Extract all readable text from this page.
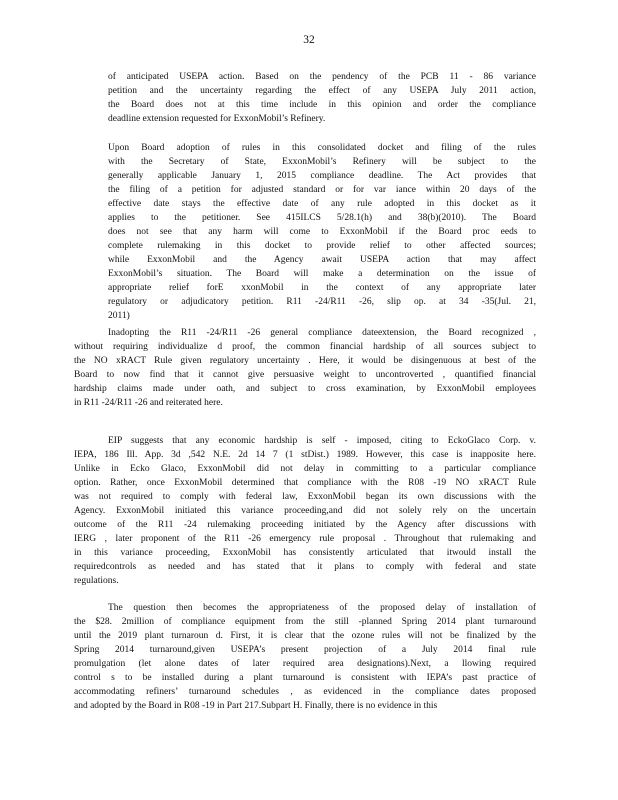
32
of anticipated USEPA action. Based on the pendency of the PCB 11 - 86 variance
petition and the uncertainty regarding the effect of any USEPA July 2011 action,
the Board does not at this time include in this opinion and order the compliance
deadline extension requested for ExxonMobil’s Refinery.
Upon Board adoption of rules in this consolidated docket and filing of the rules
with the Secretary of State, ExxonMobil’s Refinery will be subject to the
generally applicable January 1, 2015 compliance deadline. The Act provides that
the filing of a petition for adjusted standard or for var iance within 20 days of the
effective date stays the effective date of any rule adopted in this docket as it
applies to the petitioner. See 415ILCS 5/28.1(h) and 38(b)(2010). The Board
does not see that any harm will come to ExxonMobil if the Board proc eeds to
complete rulemaking in this docket to provide relief to other affected sources;
while ExxonMobil and the Agency await USEPA action that may affect
ExxonMobil’s situation. The Board will make a determination on the issue of
appropriate relief forE xxonMobil in the context of any appropriate later
regulatory or adjudicatory petition. R11 -24/R11 -26, slip op. at 34 -35(Jul. 21,
2011)
Inadopting the R11 -24/R11 -26 general compliance dateextension, the Board recognized ,
without requiring individualize d proof, the common financial hardship of all sources subject to
the NO xRACT Rule given regulatory uncertainty . Here, it would be disingenuous at best of the
Board to now find that it cannot give persuasive weight to uncontroverted , quantified financial
hardship claims made under oath, and subject to cross examination, by ExxonMobil employees
in R11 -24/R11 -26 and reiterated here.
EIP suggests that any economic hardship is self - imposed, citing to EckoGlaco Corp. v.
IEPA, 186 Ill. App. 3d ,542 N.E. 2d 14 7 (1 stDist.) 1989. However, this case is inapposite here.
Unlike in Ecko Glaco, ExxonMobil did not delay in committing to a particular compliance
option. Rather, once ExxonMobil determined that compliance with the R08 -19 NO xRACT Rule
was not required to comply with federal law, ExxonMobil began its own discussions with the
Agency. ExxonMobil initiated this variance proceeding,and did not solely rely on the uncertain
outcome of the R11 -24 rulemaking proceeding initiated by the Agency after discussions with
IERG , later proponent of the R11 -26 emergency rule proposal . Throughout that rulemaking and
in this variance proceeding, ExxonMobil has consistently articulated that itwould install the
requiredcontrols as needed and has stated that it plans to comply with federal and state
regulations.
The question then becomes the appropriateness of the proposed delay of installation of
the $28. 2million of compliance equipment from the still -planned Spring 2014 plant turnaround
until the 2019 plant turnaroun d. First, it is clear that the ozone rules will not be finalized by the
Spring 2014 turnaround,given USEPA’s present projection of a July 2014 final rule
promulgation (let alone dates of later required area designations).Next, a llowing required
control s to be installed during a plant turnaround is consistent with IEPA’s past practice of
accommodating refiners’ turnaround schedules , as evidenced in the compliance dates proposed
and adopted by the Board in R08 -19 in Part 217.Subpart H. Finally, there is no evidence in this
